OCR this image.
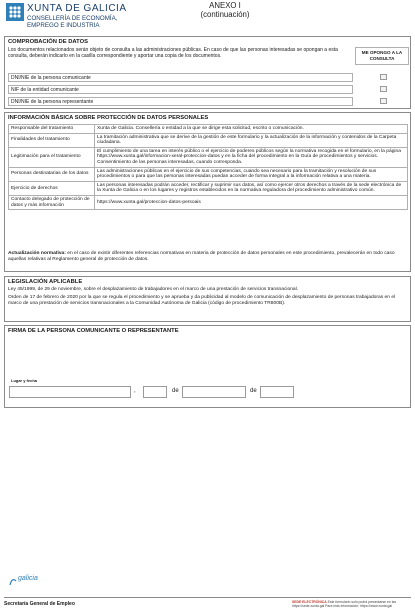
XUNTA DE GALICIA
CONSELLERÍA DE ECONOMÍA,
EMPREGO E INDUSTRIA
ANEXO I
(continuación)
COMPROBACIÓN DE DATOS
Los documentos relacionados serán objeto de consulta a las administraciones públicas. En caso de que las personas interesadas se opongan a esta consulta, deberán indicarlo en la casilla correspondiente y aportar una copia de los documentos.
ME OPONGO A LA CONSULTA
DNI/NIE de la persona comunicante
NIF de la entidad comunicante
DNI/NIE de la persona representante
INFORMACIÓN BÁSICA SOBRE PROTECCIÓN DE DATOS PERSONALES
Responsable del tratamiento	Xunta de Galicia. Consellería o entidad a la que se dirige esta solicitud, escrito o comunicación.
Finalidades del tratamiento	La tramitación administrativa que se derive de la gestión de este formulario y la actualización de la información y contenidos de la Carpeta ciudadana.
Legitimación para el tratamiento	El cumplimiento de una tarea en interés público o el ejercicio de poderes públicos según la normativa recogida en el formulario, en la página https://www.xunta.gal/informacion-xeral-proteccion-datos y en la ficha del procedimiento en la Guía de procedimientos y servicios. Consentimiento de las personas interesadas, cuando corresponda.
Personas destinatarias de los datos	Las administraciones públicas en el ejercicio de sus competencias, cuando sea necesario para la tramitación y resolución de sus procedimientos o para que las personas interesadas puedan acceder de forma integral a la información relativa a una materia.
Ejercicio de derechos	Las personas interesadas podrán acceder, rectificar y suprimir sus datos, así como ejercer otros derechos a través de la sede electrónica de la Xunta de Galicia o en los lugares y registros establecidos en la normativa reguladora del procedimiento administrativo común.
Contacto delegado de protección de datos y más información	https://www.xunta.gal/proteccion-datos-persoais
Actualización normativa: en el caso de existir diferentes referencias normativas en materia de protección de datos personales en este procedimiento, prevalecerán en todo caso aquellas relativas al Reglamento general de protección de datos.
LEGISLACIÓN APLICABLE

Ley 45/1999, de 29 de noviembre, sobre el desplazamiento de trabajadores en el marco de una prestación de servicios transnacional.

Orden de 17 de febrero de 2020 por la que se regula el procedimiento y se aprueba y da publicidad al modelo de comunicación de desplazamiento de personas trabajadoras en el marco de una prestación de servicios transnacionales a la Comunidad Autónoma de Galicia (código de procedimiento TR800B).

FIRMA DE LA PERSONA COMUNICANTE O REPRESENTANTE
Lugar y fecha
,	de	de
galicia
Secretaría General de Empleo	SEDE ELECTRÓNICA Este formulario solo podrá presentarse en las
https://sede.xunta.gal Para más información: https://www.xunta.gal
